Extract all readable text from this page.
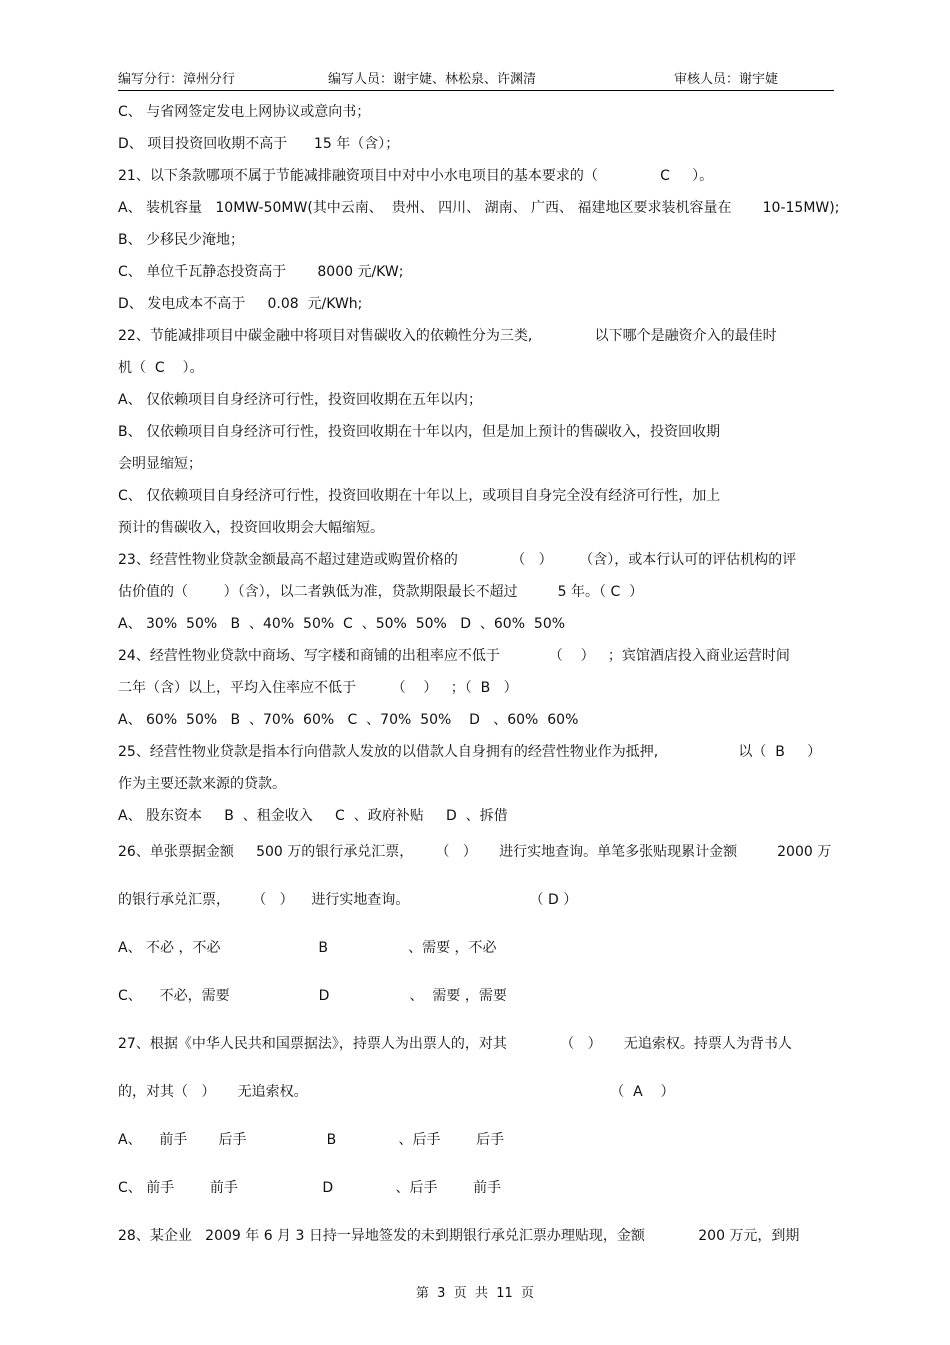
编写分行：漳州分行	编写人员：谢宇婕、林松泉、许渊清	审核人员：谢宇婕
C、 与省网签定发电上网协议或意向书；
D、 项目投资回收期不高于      15 年（含）；
21、以下条款哪项不属于节能减排融资项目中对中小水电项目的基本要求的（              C     ）。
A、 装机容量   10MW-50MW(其中云南、  贵州、 四川、 湖南、 广西、 福建地区要求装机容量在       10-15MW);
B、 少移民少淹地；
C、 单位千瓦静态投资高于       8000 元/KW;
D、 发电成本不高于     0.08  元/KWh;
22、节能减排项目中碳金融中将项目对售碳收入的依赖性分为三类,              以下哪个是融资介入的最佳时
机（  C    ）。
A、 仅依赖项目自身经济可行性，投资回收期在五年以内；
B、 仅依赖项目自身经济可行性，投资回收期在十年以内，但是加上预计的售碳收入，投资回收期
会明显缩短；
C、 仅依赖项目自身经济可行性，投资回收期在十年以上，或项目自身完全没有经济可行性，加上
预计的售碳收入，投资回收期会大幅缩短。
23、经营性物业贷款金额最高不超过建造或购置价格的            （   ）      （含），或本行认可的评估机构的评
估价值的（        ）（含），以二者孰低为准，贷款期限最长不超过         5 年。（ C  ）
A、 30%  50%   B  、40%  50%  C  、50%  50%   D  、60%  50%
24、经营性物业贷款中商场、写字楼和商铺的出租率应不低于           （    ）   ；宾馆酒店投入商业运营时间
二年（含）以上，平均入住率应不低于        （    ）   ；（  B   ）
A、 60%  50%   B  、70%  60%   C  、70%  50%    D   、60%  60%
25、经营性物业贷款是指本行向借款人发放的以借款人自身拥有的经营性物业作为抵押,                  以（  B     ）
作为主要还款来源的贷款。
A、 股东资本     B  、租金收入     C  、政府补贴     D  、拆借
26、单张票据金额     500 万的银行承兑汇票，     （   ）     进行实地查询。单笔多张贴现累计金额         2000 万
的银行承兑汇票，     （   ）    进行实地查询。                           （ D ）
A、 不必 ，不必                      B                  、需要 ，不必
C、    不必，需要                    D                  、  需要 ，需要
27、根据《中华人民共和国票据法》，持票人为出票人的，对其            （   ）     无追索权。持票人为背书人
的，对其（   ）     无追索权。                                                                    （  A    ）
A、    前手       后手                  B              、后手        后手
C、 前手        前手                   D              、后手        前手
28、某企业   2009 年 6 月 3 日持一异地签发的未到期银行承兑汇票办理贴现，金额            200 万元，到期
第  3  页  共  11  页
